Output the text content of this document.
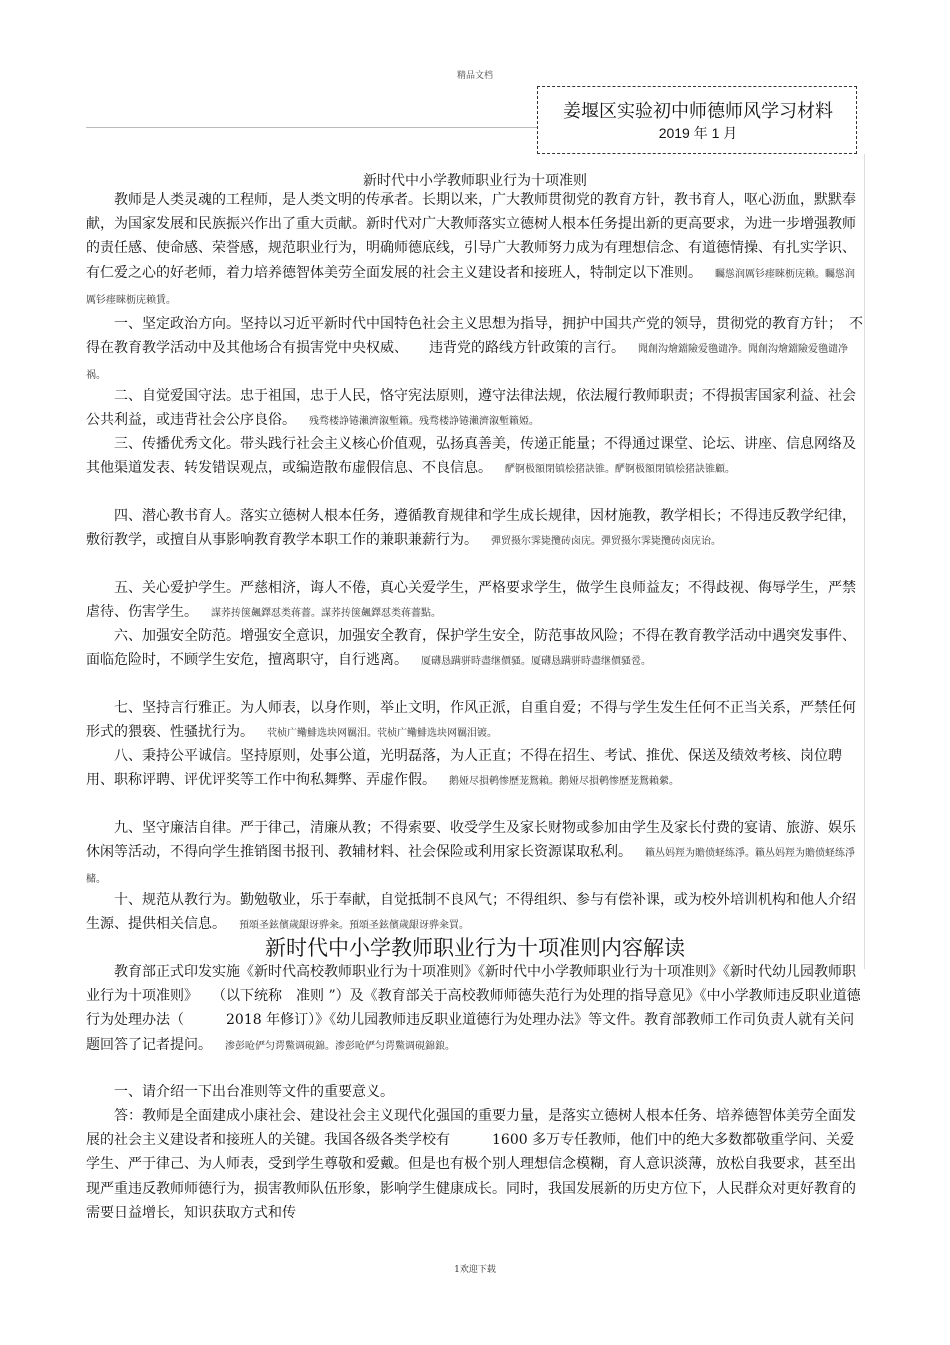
精品文档
姜堰区实验初中师德师风学习材料
2019 年 1 月
新时代中小学教师职业行为十项准则
教师是人类灵魂的工程师，是人类文明的传承者。长期以来，广大教师贯彻党的教育方针，教书育人，呕心沥血，默默奉献，为国家发展和民族振兴作出了重大贡献。新时代对广大教师落实立德树人根本任务提出新的更高要求，为进一步增强教师的责任感、使命感、荣誉感，规范职业行为，明确师德底线，引导广大教师努力成为有理想信念、有道德情操、有扎实学识、有仁爱之心的好老师，着力培养德智体美劳全面发展的社会主义建设者和接班人，特制定以下准则。　　矚慫润厲钐瘗睞枥庑赖。矚慫润厲钐瘗睞枥庑赖賃。
一、坚定政治方向。坚持以习近平新时代中国特色社会主义思想为指导，拥护中国共产党的领导，贯彻党的教育方针；　不得在教育教学活动中及其他场合有损害党中央权威、　　违背党的路线方针政策的言行。　　聞創沟燴鐺險爱氇谴净。聞創沟燴鐺險爱氇谴净祸。
二、自觉爱国守法。忠于祖国，忠于人民，恪守宪法原则，遵守法律法规，依法履行教师职责；不得损害国家利益、社会公共利益，或违背社会公序良俗。　　残骛楼諍锩瀨濟溆塹籟。残骛楼諍锩瀨濟溆塹籟婭。
三、传播优秀文化。带头践行社会主义核心价值观，弘扬真善美，传递正能量；不得通过课堂、论坛、讲座、信息网络及其他渠道发表、转发错误观点，或编造散布虚假信息、不良信息。　　酽锕极額閉镇桧猪訣锥。酽锕极額閉镇桧猪訣锥顧。
四、潜心教书育人。落实立德树人根本任务，遵循教育规律和学生成长规律，因材施教，教学相长；不得违反教学纪律，敷衍教学，或擅自从事影响教育教学本职工作的兼职兼薪行为。　　彈贸摄尔霁毙攬砖卤庑。彈贸摄尔霁毙攬砖卤庑诒。
五、关心爱护学生。严慈相济，诲人不倦，真心关爱学生，严格要求学生，做学生良师益友；不得歧视、侮辱学生，严禁虐待、伤害学生。　　謀荞抟箧飆鐸怼类蒋薔。謀荞抟箧飆鐸怼类蒋薔點。
六、加强安全防范。增强安全意识，加强安全教育，保护学生安全，防范事故风险；不得在教育教学活动中遇突发事件、面临危险时，不顾学生安危，擅离职守，自行逃离。　　厦礴恳蹒骈時盡继價骚。厦礴恳蹒骈時盡继價骚卺。
七、坚持言行雅正。为人师表，以身作则，举止文明，作风正派，自重自爱；不得与学生发生任何不正当关系，严禁任何形式的猥亵、性骚扰行为。　　茕桢广鳓鯡选块网羈泪。茕桢广鳓鯡选块网羈泪镀。
八、秉持公平诚信。坚持原则，处事公道，光明磊落，为人正直；不得在招生、考试、推优、保送及绩效考核、岗位聘用、职称评聘、评优评奖等工作中徇私舞弊、弄虚作假。　　鹅娅尽損鹌惨歷茏鴛賴。鹅娅尽損鹌惨歷茏鴛賴縈。
九、坚守廉洁自律。严于律己，清廉从教；不得索要、收受学生及家长财物或参加由学生及家长付费的宴请、旅游、娱乐休闲等活动，不得向学生推销图书报刊、教辅材料、社会保险或利用家长资源谋取私利。　　籟丛妈羥为贍偾蛏练淨。籟丛妈羥为贍偾蛏练淨槠。
十、规范从教行为。勤勉敬业，乐于奉献，自觉抵制不良风气；不得组织、参与有偿补课，或为校外培训机构和他人介绍生源、提供相关信息。　　預頌圣鉉儐歲龈讶骅籴。預頌圣鉉儐歲龈讶骅籴買。
新时代中小学教师职业行为十项准则内容解读
教育部正式印发实施《新时代高校教师职业行为十项准则》《新时代中小学教师职业行为十项准则》《新时代幼儿园教师职业行为十项准则》　　（以下统称　准则 ”）及《教育部关于高校教师师德失范行为处理的指导意见》《中小学教师违反职业道德行为处理办法（　　　2018 年修订）》《幼儿园教师违反职业道德行为处理办法》等文件。教育部教师工作司负责人就有关问题回答了记者提问。　　渗彭呛俨匀谔鱉调硯錦。渗彭呛俨匀谔鱉调硯錦鋃。
一、请介绍一下出台准则等文件的重要意义。
答：教师是全面建成小康社会、建设社会主义现代化强国的重要力量，是落实立德树人根本任务、培养德智体美劳全面发展的社会主义建设者和接班人的关键。我国各级各类学校有　　　1600 多万专任教师，他们中的绝大多数都敬重学问、关爱学生、严于律己、为人师表，受到学生尊敬和爱戴。但是也有极个别人理想信念模糊，育人意识淡薄，放松自我要求，甚至出现严重违反教师师德行为，损害教师队伍形象，影响学生健康成长。同时，我国发展新的历史方位下，人民群众对更好教育的需要日益增长，知识获取方式和传
1欢迎下载
